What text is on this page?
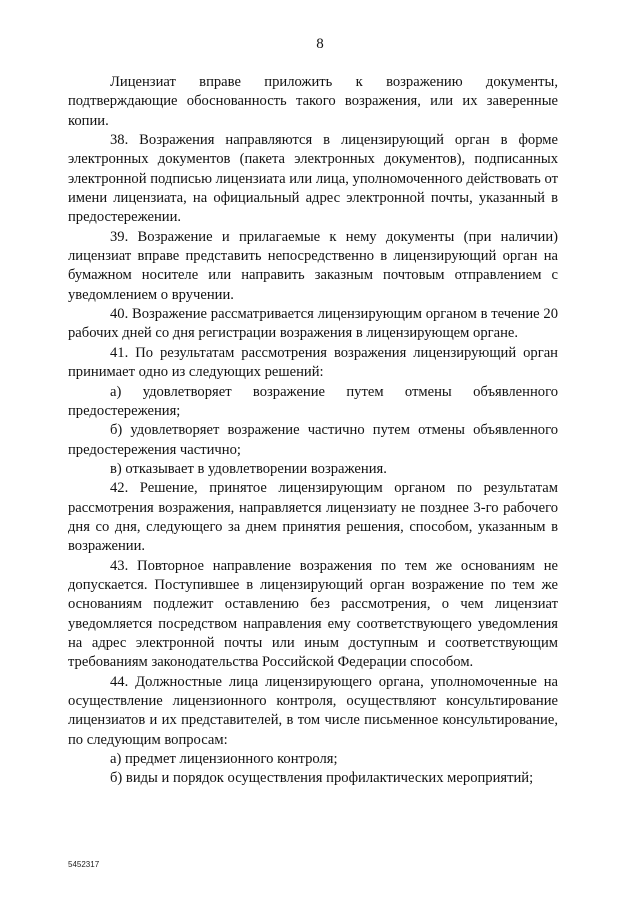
8

Лицензиат вправе приложить к возражению документы, подтверждающие обоснованность такого возражения, или их заверенные копии.

38. Возражения направляются в лицензирующий орган в форме электронных документов (пакета электронных документов), подписанных электронной подписью лицензиата или лица, уполномоченного действовать от имени лицензиата, на официальный адрес электронной почты, указанный в предостережении.

39. Возражение и прилагаемые к нему документы (при наличии) лицензиат вправе представить непосредственно в лицензирующий орган на бумажном носителе или направить заказным почтовым отправлением с уведомлением о вручении.

40. Возражение рассматривается лицензирующим органом в течение 20 рабочих дней со дня регистрации возражения в лицензирующем органе.

41. По результатам рассмотрения возражения лицензирующий орган принимает одно из следующих решений:

а) удовлетворяет возражение путем отмены объявленного предостережения;

б) удовлетворяет возражение частично путем отмены объявленного предостережения частично;

в) отказывает в удовлетворении возражения.

42. Решение, принятое лицензирующим органом по результатам рассмотрения возражения, направляется лицензиату не позднее 3-го рабочего дня со дня, следующего за днем принятия решения, способом, указанным в возражении.

43. Повторное направление возражения по тем же основаниям не допускается. Поступившее в лицензирующий орган возражение по тем же основаниям подлежит оставлению без рассмотрения, о чем лицензиат уведомляется посредством направления ему соответствующего уведомления на адрес электронной почты или иным доступным и соответствующим требованиям законодательства Российской Федерации способом.

44. Должностные лица лицензирующего органа, уполномоченные на осуществление лицензионного контроля, осуществляют консультирование лицензиатов и их представителей, в том числе письменное консультирование, по следующим вопросам:

а) предмет лицензионного контроля;

б) виды и порядок осуществления профилактических мероприятий;

5452317
